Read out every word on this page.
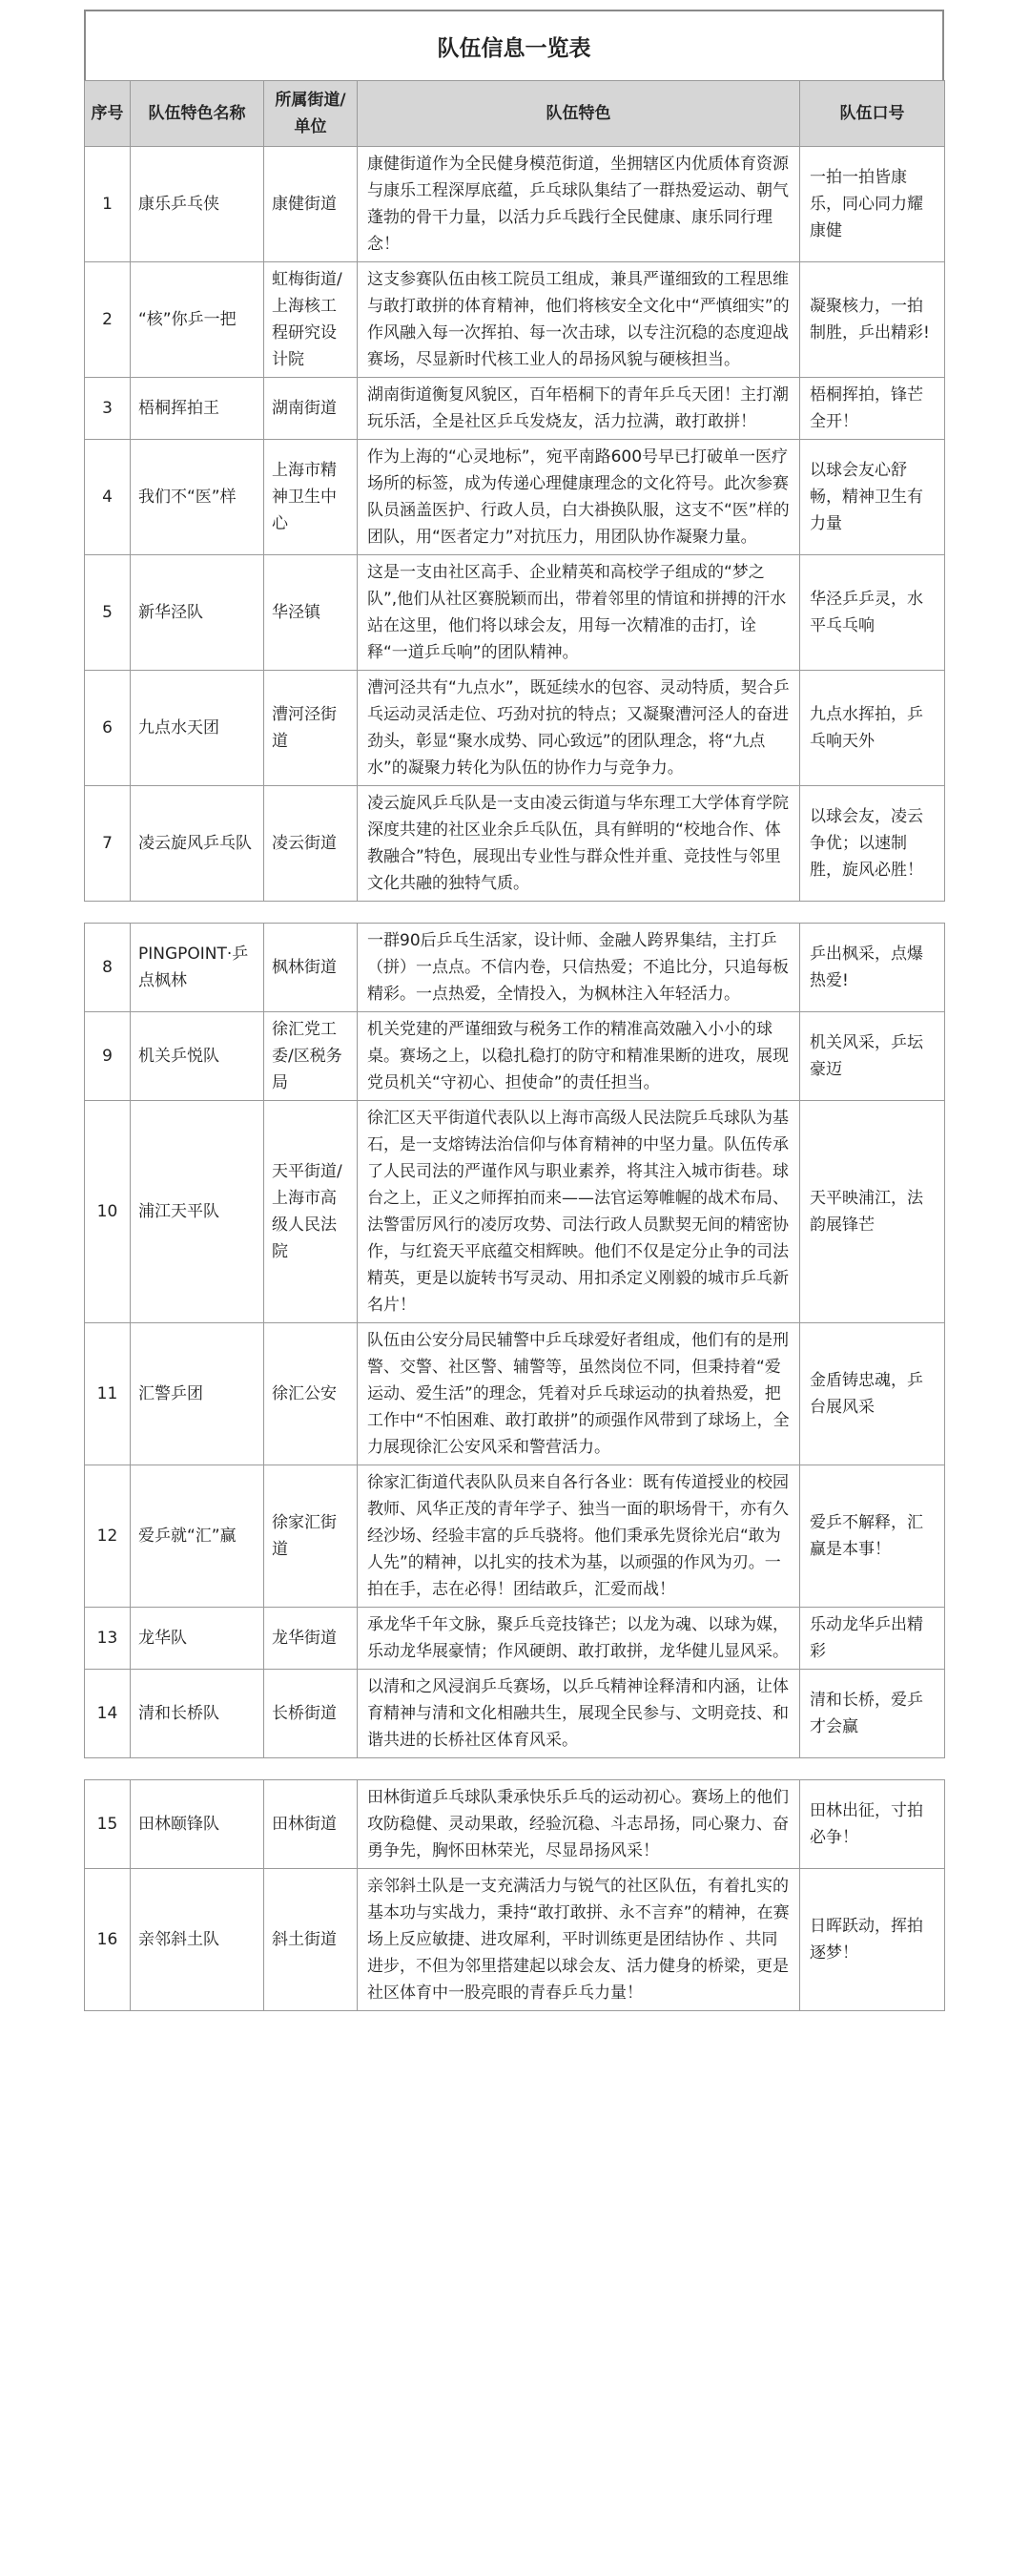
队伍信息一览表
序号	队伍特色名称	所属街道/单位	队伍特色	队伍口号
1	康乐乒乓侠	康健街道	康健街道作为全民健身模范街道，坐拥辖区内优质体育资源与康乐工程深厚底蕴，乒乓球队集结了一群热爱运动、朝气蓬勃的骨干力量，以活力乒乓践行全民健康、康乐同行理念！	一拍一拍皆康乐，同心同力耀康健
2	“核”你乒一把	虹梅街道/上海核工程研究设计院	这支参赛队伍由核工院员工组成，兼具严谨细致的工程思维与敢打敢拼的体育精神，他们将核安全文化中“严慎细实”的作风融入每一次挥拍、每一次击球，以专注沉稳的态度迎战赛场，尽显新时代核工业人的昂扬风貌与硬核担当。	凝聚核力，一拍制胜，乒出精彩!
3	梧桐挥拍王	湖南街道	湖南街道衡复风貌区，百年梧桐下的青年乒乓天团！主打潮玩乐活，全是社区乒乓发烧友，活力拉满，敢打敢拼！	梧桐挥拍，锋芒全开！
4	我们不“医”样	上海市精神卫生中心	作为上海的“心灵地标”，宛平南路600号早已打破单一医疗场所的标签，成为传递心理健康理念的文化符号。此次参赛队员涵盖医护、行政人员，白大褂换队服，这支不“医”样的团队，用“医者定力”对抗压力，用团队协作凝聚力量。	以球会友心舒畅，精神卫生有力量
5	新华泾队	华泾镇	这是一支由社区高手、企业精英和高校学子组成的“梦之队”,他们从社区赛脱颖而出，带着邻里的情谊和拼搏的汗水站在这里，他们将以球会友，用每一次精准的击打，诠释“一道乒乓响”的团队精神。	华泾乒乒灵，水平乓乓响
6	九点水天团	漕河泾街道	漕河泾共有“九点水”，既延续水的包容、灵动特质，契合乒乓运动灵活走位、巧劲对抗的特点；又凝聚漕河泾人的奋进劲头，彰显“聚水成势、同心致远”的团队理念，将“九点水”的凝聚力转化为队伍的协作力与竞争力。	九点水挥拍，乒乓响天外
7	凌云旋风乒乓队	凌云街道	凌云旋风乒乓队是一支由凌云街道与华东理工大学体育学院深度共建的社区业余乒乓队伍，具有鲜明的“校地合作、体教融合”特色，展现出专业性与群众性并重、竞技性与邻里文化共融的独特气质。	以球会友，凌云争优；以速制胜，旋风必胜！

8	PINGPOINT·乒点枫林	枫林街道	一群90后乒乓生活家，设计师、金融人跨界集结，主打乒（拼）一点点。不信内卷，只信热爱；不追比分，只追每板精彩。一点热爱，全情投入，为枫林注入年轻活力。	乒出枫采，点爆热爱!
9	机关乒悦队	徐汇党工委/区税务局	机关党建的严谨细致与税务工作的精准高效融入小小的球桌。赛场之上，以稳扎稳打的防守和精准果断的进攻，展现党员机关“守初心、担使命”的责任担当。	机关风采，乒坛豪迈
10	浦江天平队	天平街道/上海市高级人民法院	徐汇区天平街道代表队以上海市高级人民法院乒乓球队为基石，是一支熔铸法治信仰与体育精神的中坚力量。队伍传承了人民司法的严谨作风与职业素养，将其注入城市街巷。球台之上，正义之师挥拍而来——法官运筹帷幄的战术布局、法警雷厉风行的凌厉攻势、司法行政人员默契无间的精密协作，与红瓷天平底蕴交相辉映。他们不仅是定分止争的司法精英，更是以旋转书写灵动、用扣杀定义刚毅的城市乒乓新名片！	天平映浦江，法韵展锋芒
11	汇警乒团	徐汇公安	队伍由公安分局民辅警中乒乓球爱好者组成，他们有的是刑警、交警、社区警、辅警等，虽然岗位不同，但秉持着“爱运动、爱生活”的理念，凭着对乒乓球运动的执着热爱，把工作中“不怕困难、敢打敢拼”的顽强作风带到了球场上，全力展现徐汇公安风采和警营活力。	金盾铸忠魂，乒台展风采
12	爱乒就“汇”赢	徐家汇街道	徐家汇街道代表队队员来自各行各业：既有传道授业的校园教师、风华正茂的青年学子、独当一面的职场骨干，亦有久经沙场、经验丰富的乒乓骁将。他们秉承先贤徐光启“敢为人先”的精神，以扎实的技术为基，以顽强的作风为刃。一拍在手，志在必得！团结敢乒，汇爱而战！	爱乒不解释，汇赢是本事！
13	龙华队	龙华街道	承龙华千年文脉，聚乒乓竞技锋芒；以龙为魂、以球为媒，乐动龙华展豪情；作风硬朗、敢打敢拼，龙华健儿显风采。	乐动龙华乒出精彩
14	清和长桥队	长桥街道	以清和之风浸润乒乓赛场，以乒乓精神诠释清和内涵，让体育精神与清和文化相融共生，展现全民参与、文明竞技、和谐共进的长桥社区体育风采。	清和长桥，爱乒才会赢

15	田林颐锋队	田林街道	田林街道乒乓球队秉承快乐乒乓的运动初心。赛场上的他们攻防稳健、灵动果敢，经验沉稳、斗志昂扬，同心聚力、奋勇争先，胸怀田林荣光，尽显昂扬风采！	田林出征，寸拍必争！
16	亲邻斜土队	斜土街道	亲邻斜土队是一支充满活力与锐气的社区队伍，有着扎实的基本功与实战力，秉持“敢打敢拼、永不言弃”的精神，在赛场上反应敏捷、进攻犀利，平时训练更是团结协作 、共同进步，不但为邻里搭建起以球会友、活力健身的桥梁，更是社区体育中一股亮眼的青春乒乓力量！	日晖跃动，挥拍逐梦！
